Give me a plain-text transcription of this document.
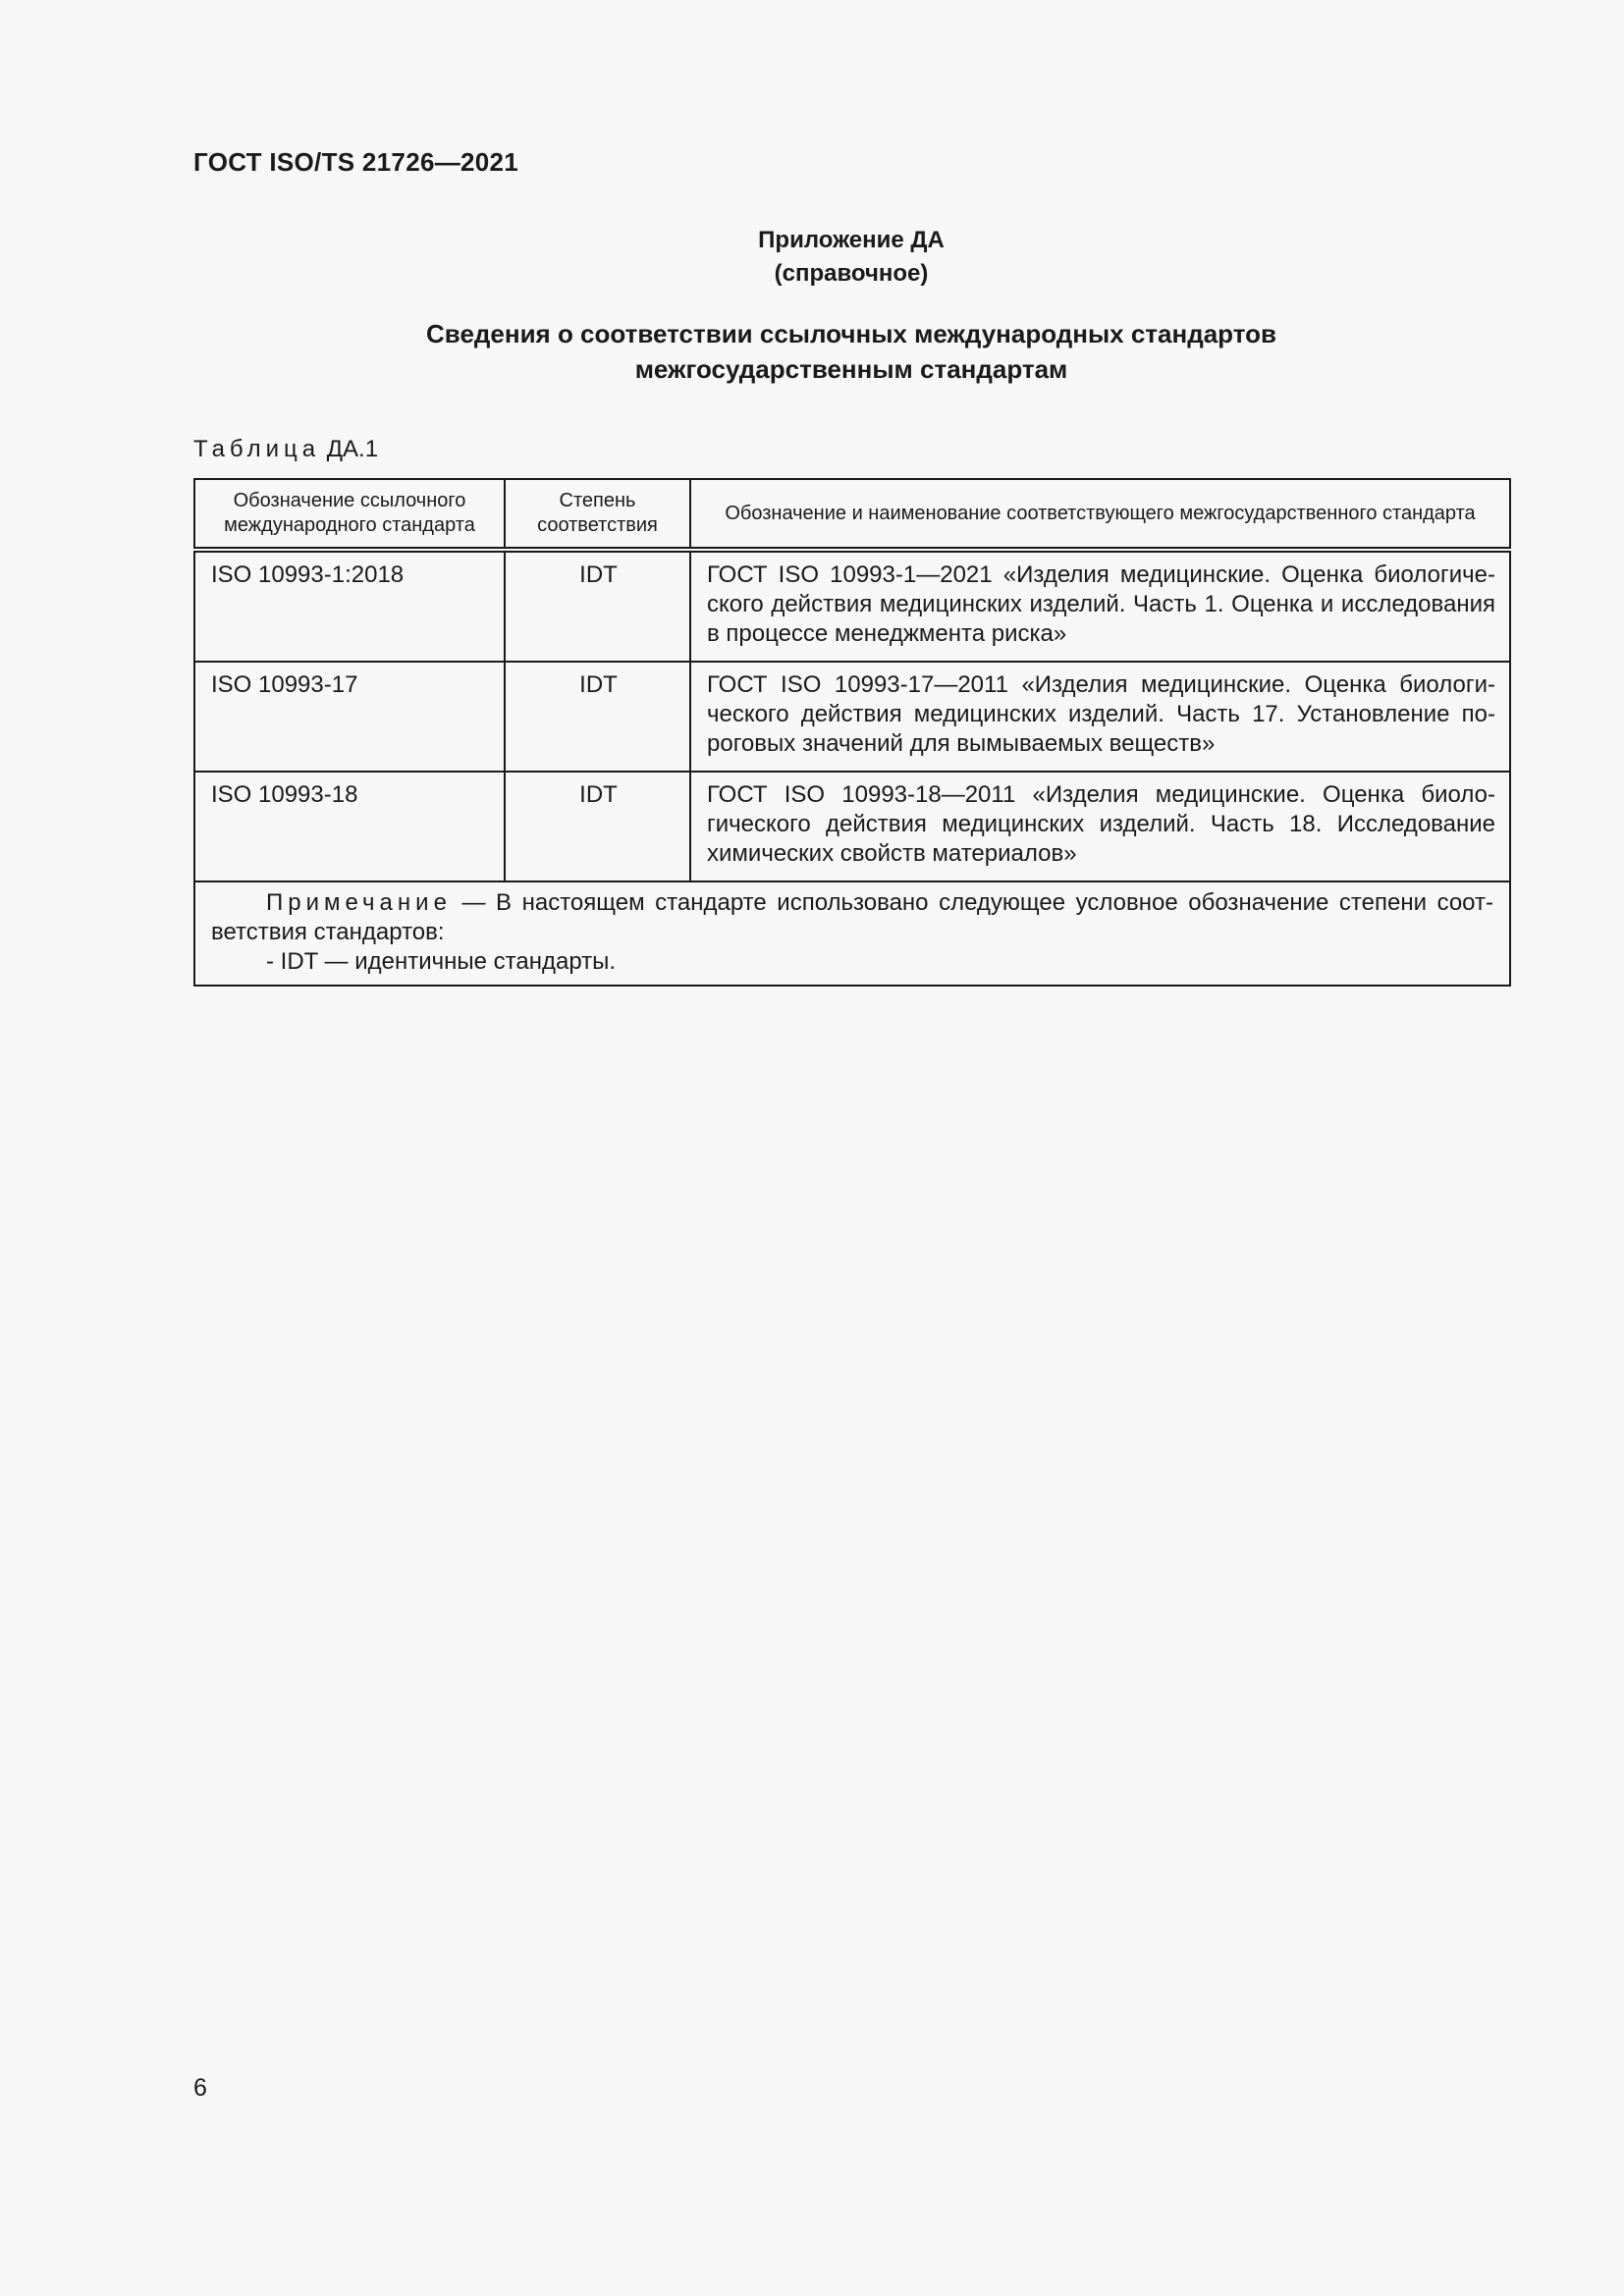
ГОСТ ISO/TS 21726—2021
Приложение ДА
(справочное)
Сведения о соответствии ссылочных международных стандартов
межгосударственным стандартам
Таблица ДА.1
Обозначение ссылочного международного стандарта	Степень соответствия	Обозначение и наименование соответствующего межгосударственного стандарта
ISO 10993-1:2018	IDT	ГОСТ ISO 10993-1—2021 «Изделия медицинские. Оценка биологического действия медицинских изделий. Часть 1. Оценка и исследования в процессе менеджмента риска»
ISO 10993-17	IDT	ГОСТ ISO 10993-17—2011 «Изделия медицинские. Оценка биологического действия медицинских изделий. Часть 17. Установление пороговых значений для вымываемых веществ»
ISO 10993-18	IDT	ГОСТ ISO 10993-18—2011 «Изделия медицинские. Оценка биологического действия медицинских изделий. Часть 18. Исследование химических свойств материалов»

Примечание — В настоящем стандарте использовано следующее условное обозначение степени соответствия стандартов:
- IDT — идентичные стандарты.		
6
